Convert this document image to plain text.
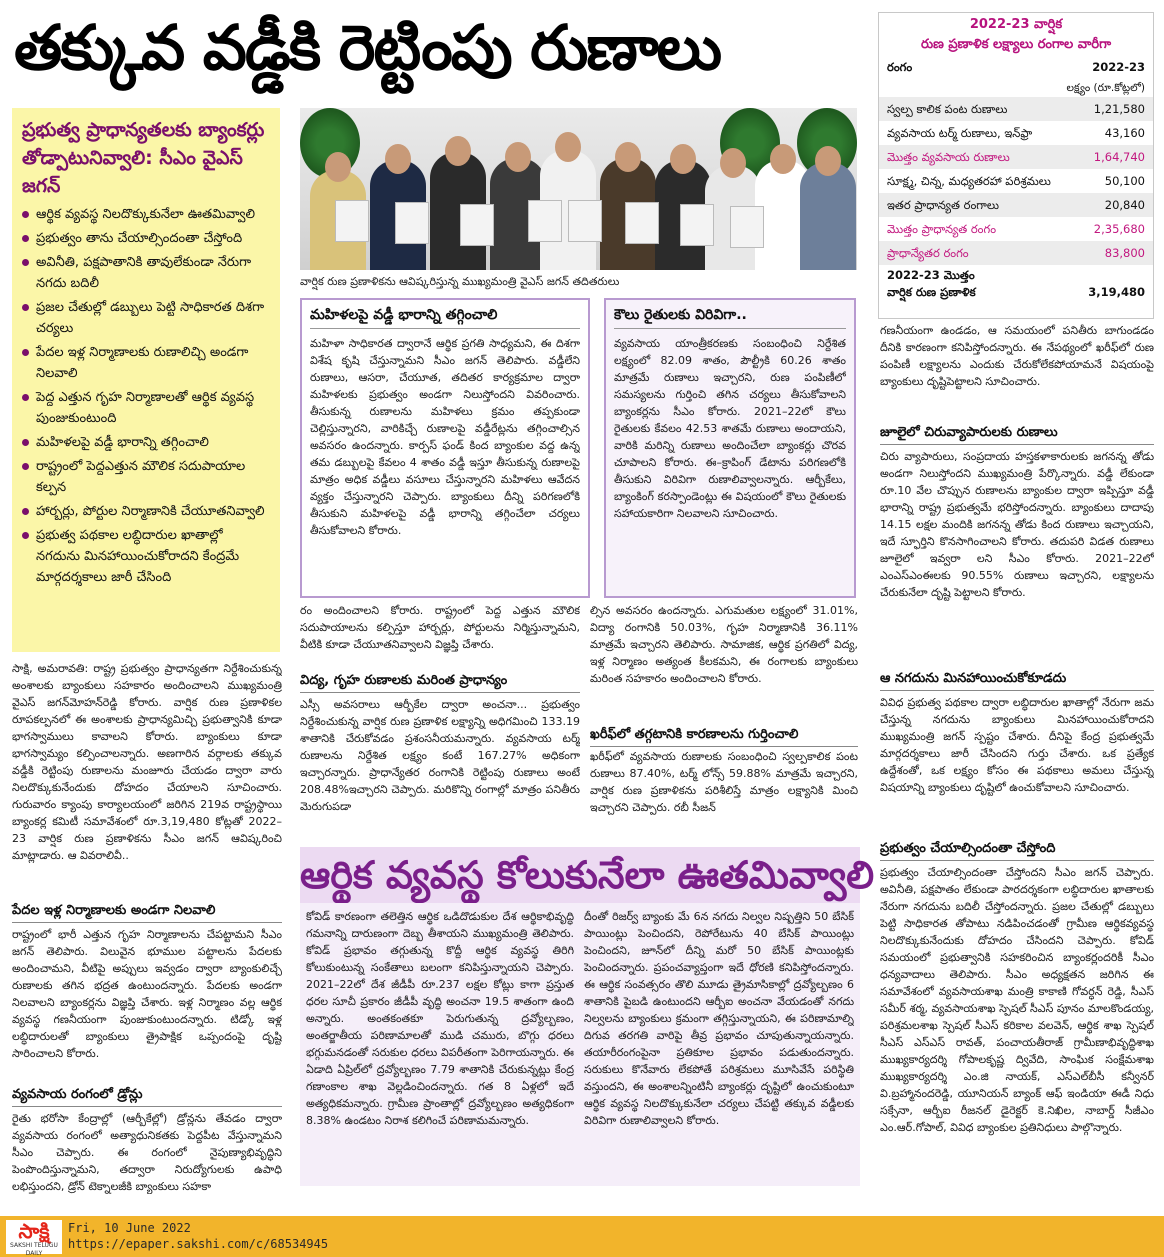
తక్కువ వడ్డీకి రెట్టింపు రుణాలు	2022-23 వార్షిక
రుణ ప్రణాళిక లక్ష్యాలు రంగాల వారీగా
రంగం	2022-23
లక్ష్యం (రూ.కోట్లలో)
స్వల్ప కాలిక పంట రుణాలు	1,21,580
వ్యవసాయ టర్మ్‌ రుణాలు, ఇన్‌ఫ్రా	43,160
మొత్తం వ్యవసాయ రుణాలు	1,64,740
సూక్ష్మ, చిన్న, మధ్యతరహా పరిశ్రమలు	50,100
ఇతర ప్రాధాన్యత రంగాలు	20,840
మొత్తం ప్రాధాన్యత రంగం	2,35,680
ప్రాధాన్యేతర రంగం	83,800
2022-23 మొత్తం
వార్షిక రుణ ప్రణాళిక	3,19,480
ప్రభుత్వ ప్రాధాన్యతలకు బ్యాంకర్లు తోడ్పాటునివ్వాలి: సీఎం వైఎస్‌ జగన్‌
ఆర్థిక వ్యవస్థ నిలదొక్కుకునేలా ఊతమివ్వాలి
ప్రభుత్వం తాను చేయాల్సిందంతా చేస్తోంది
అవినీతి, పక్షపాతానికి తావులేకుండా నేరుగా నగదు బదిలీ
ప్రజల చేతుల్లో డబ్బులు పెట్టి సాధికారత దిశగా చర్యలు
పేదల ఇళ్ల నిర్మాణాలకు రుణాలిచ్చి అండగా నిలవాలి
పెద్ద ఎత్తున గృహ నిర్మాణాలతో ఆర్థిక వ్యవస్థ పుంజుకుంటుంది
మహిళలపై వడ్డీ భారాన్ని తగ్గించాలి
రాష్ట్రంలో పెద్దఎత్తున మౌలిక సదుపాయాల కల్పన
హార్బర్లు, పోర్టుల నిర్మాణానికి చేయూతనివ్వాలి
ప్రభుత్వ పథకాల లబ్ధిదారుల ఖాతాల్లో నగదును మినహాయించుకోరాదని కేంద్రమే మార్గదర్శకాలు జారీ చేసింది
వార్షిక రుణ ప్రణాళికను ఆవిష్కరిస్తున్న ముఖ్యమంత్రి వైఎస్‌ జగన్‌ తదితరులు
మహిళలపై వడ్డీ భారాన్ని తగ్గించాలి
మహిళా సాధికారత ద్వారానే ఆర్థిక ప్రగతి సాధ్యమని, ఈ దిశగా విశేష కృషి చేస్తున్నామని సీఎం జగన్‌ తెలిపారు. వడ్డీలేని రుణాలు, ఆసరా, చేయూత, తదితర కార్యక్రమాల ద్వారా మహిళలకు ప్రభుత్వం అండగా నిలుస్తోందని వివరించారు. తీసుకున్న రుణాలను మహిళలు క్రమం తప్పకుండా చెల్లిస్తున్నారని, వారికిచ్చే రుణాలపై వడ్డీరేట్లను తగ్గించాల్సిన అవసరం ఉందన్నారు. కార్పస్‌ ఫండ్‌ కింద బ్యాంకుల వద్ద ఉన్న తమ డబ్బులపై కేవలం 4 శాతం వడ్డీ ఇస్తూ తీసుకున్న రుణాలపై మాత్రం అధిక వడ్డీలు వసూలు చేస్తున్నారని మహిళలు ఆవేదన వ్యక్తం చేస్తున్నారని చెప్పారు. బ్యాంకులు దీన్ని పరిగణలోకి తీసుకుని మహిళలపై వడ్డీ భారాన్ని తగ్గించేలా చర్యలు తీసుకోవాలని కోరారు.
కౌలు రైతులకు విరివిగా..
వ్యవసాయ యాంత్రీకరణకు సంబంధించి నిర్దేశిత లక్ష్యంలో 82.09 శాతం, పౌల్ట్రీకి 60.26 శాతం మాత్రమే రుణాలు ఇచ్చారని, రుణ పంపిణీలో సమస్యలను గుర్తించి తగిన చర్యలు తీసుకోవాలని బ్యాంకర్లను సీఎం కోరారు. 2021–22లో కౌలు రైతులకు కేవలం 42.53 శాతమే రుణాలు అందాయని, వారికి మరిన్ని రుణాలు అందించేలా బ్యాంకర్లు చొరవ చూపాలని కోరారు. ఈ–క్రాపింగ్‌ డేటాను పరిగణలోకి తీసుకుని విరివిగా రుణాలివ్వాలన్నారు. ఆర్బీకేలు, బ్యాంకింగ్‌ కరస్పాండెంట్లు ఈ విషయంలో కౌలు రైతులకు సహాయకారిగా నిలవాలని సూచించారు.
రం అందించాలని కోరారు. రాష్ట్రంలో పెద్ద ఎత్తున మౌలిక సదుపాయాలను కల్పిస్తూ హార్బర్లు, పోర్టులను నిర్మిస్తున్నామని, వీటికి కూడా చేయూతనివ్వాలని విజ్ఞప్తి చేశారు.
ల్సిన అవసరం ఉందన్నారు. ఎగుమతుల లక్ష్యంలో 31.01%, విద్యా రంగానికి 50.03%, గృహ నిర్మాణానికి 36.11% మాత్రమే ఇచ్చారని తెలిపారు. సామాజిక, ఆర్థిక ప్రగతిలో విద్య, ఇళ్ల నిర్మాణం అత్యంత కీలకమని, ఈ రంగాలకు బ్యాంకులు మరింత సహకారం అందించాలని కోరారు.
విద్య, గృహ రుణాలకు మరింత ప్రాధాన్యం
ఎస్సీ అవసరాలు ఆర్బీకేల ద్వారా అంచనా... ప్రభుత్వం నిర్దేశించుకున్న వార్షిక రుణ ప్రణాళిక లక్ష్యాన్ని అధిగమించి 133.19 శాతానికి చేరుకోవడం ప్రశంసనీయమన్నారు. వ్యవసాయ టర్మ్‌ రుణాలను నిర్దేశిత లక్ష్యం కంటే 167.27% అధికంగా ఇచ్చారన్నారు. ప్రాధాన్యేతర రంగానికి రెట్టింపు రుణాలు అంటే 208.48%ఇచ్చారని చెప్పారు. మరికొన్ని రంగాల్లో మాత్రం పనితీరు మెరుగుపడా
ఖరీఫ్‌లో తగ్గటానికి కారణాలను గుర్తించాలి
ఖరీఫ్‌లో వ్యవసాయ రుణాలకు సంబంధించి స్వల్పకాలిక పంట రుణాలు 87.40%, టర్మ్‌ లోన్స్‌ 59.88% మాత్రమే ఇచ్చారని, వార్షిక రుణ ప్రణాళికను పరిశీలిస్తే మాత్రం లక్ష్యానికి మించి ఇచ్చారని చెప్పారు. రబీ సీజన్‌
ఆర్థిక వ్యవస్థ కోలుకునేలా ఊతమివ్వాలి
కోవిడ్‌ కారణంగా తలెత్తిన ఆర్థిక ఒడిదొడుకుల దేశ ఆర్థికాభివృద్ధి గమనాన్ని దారుణంగా దెబ్బ తీశాయని ముఖ్యమంత్రి తెలిపారు. కోవిడ్‌ ప్రభావం తగ్గుతున్న కొద్దీ ఆర్థిక వ్యవస్థ తిరిగి కోలుకుంటున్న సంకేతాలు బలంగా కనిపిస్తున్నాయని చెప్పారు. 2021–22లో దేశ జీడీపీ రూ.237 లక్షల కోట్లు కాగా ప్రస్తుత ధరల సూచీ ప్రకారం జీడీపీ వృద్ధి అంచనా 19.5 శాతంగా ఉంది అన్నారు. అంతకంతకూ పెరుగుతున్న ద్రవ్యోల్బణం, అంతర్జాతీయ పరిణామాలతో ముడి చమురు, బొగ్గు ధరలు భగ్గుమనడంతో సరుకుల ధరలు విపరీతంగా పెరిగాయన్నారు. ఈ ఏడాది ఏప్రిల్‌లో ద్రవ్యోల్బణం 7.79 శాతానికి చేరుకున్నట్లు కేంద్ర గణాంకాల శాఖ వెల్లడించిందన్నారు. గత 8 ఏళ్లలో ఇదే అత్యధికమన్నారు. గ్రామీణ ప్రాంతాల్లో ద్రవ్యోల్బణం అత్యధికంగా 8.38% ఉండటం నిరాశ కలిగించే పరిణామమన్నారు.
దీంతో రిజర్వ్‌ బ్యాంకు మే 6న నగదు నిల్వల నిష్పత్తిని 50 బేసిక్‌ పాయింట్లు పెంచిందని, రెపోరేటును 40 బేసిక్‌ పాయింట్లు పెంచిందని, జూన్‌లో దీన్ని మరో 50 బేసిక్‌ పాయింట్లకు పెంచిందన్నారు. ప్రపంచవ్యాప్తంగా ఇదే ధోరణి కనిపిస్తోందన్నారు. ఈ ఆర్థిక సంవత్సరం తొలి మూడు త్రైమాసికాల్లో ద్రవ్యోల్బణం 6 శాతానికి పైబడి ఉంటుందని ఆర్బీఐ అంచనా వేయడంతో నగదు నిల్వలను బ్యాంకులు క్రమంగా తగ్గిస్తున్నాయని, ఈ పరిణామాల్ని దిగువ తరగతి వారిపై తీవ్ర ప్రభావం చూపుతున్నాయన్నారు. తయారీరంగంపైనా ప్రతికూల ప్రభావం పడుతుందన్నారు. సరుకులు కొనేవారు లేకపోతే పరిశ్రమలు మూసివేసే పరిస్థితి వస్తుందని, ఈ అంశాలన్నింటినీ బ్యాంకర్లు దృష్టిలో ఉంచుకుంటూ ఆర్థిక వ్యవస్థ నిలదొక్కుకునేలా చర్యలు చేపట్టి తక్కువ వడ్డీలకు విరివిగా రుణాలివ్వాలని కోరారు.
సాక్షి, అమరావతి: రాష్ట్ర ప్రభుత్వం ప్రాధాన్యతగా నిర్దేశించుకున్న అంశాలకు బ్యాంకులు సహకారం అందించాలని ముఖ్యమంత్రి వైఎస్‌ జగన్‌మోహన్‌రెడ్డి కోరారు. వార్షిక రుణ ప్రణాళికల రూపకల్పనలో ఈ అంశాలకు ప్రాధాన్యమిచ్చి ప్రభుత్వానికి కూడా భాగస్వాములు కావాలని కోరారు. బ్యాంకులు కూడా భాగస్వామ్యం కల్పించాలన్నారు. అణగారిన వర్గాలకు తక్కువ వడ్డీకి రెట్టింపు రుణాలను మంజూరు చేయడం ద్వారా వారు నిలదొక్కుకునేందుకు దోహదం చేయాలని సూచించారు. గురువారం క్యాంపు కార్యాలయంలో జరిగిన 219వ రాష్ట్రస్థాయి బ్యాంకర్ల కమిటీ సమావేశంలో రూ.3,19,480 కోట్లతో 2022–23 వార్షిక రుణ ప్రణాళికను సీఎం జగన్‌ ఆవిష్కరించి మాట్లాడారు. ఆ వివరాలివీ..
పేదల ఇళ్ల నిర్మాణాలకు అండగా నిలవాలి
రాష్ట్రంలో భారీ ఎత్తున గృహ నిర్మాణాలను చేపట్టామని సీఎం జగన్‌ తెలిపారు. విలువైన భూముల పట్టాలను పేదలకు అందించామని, వీటిపై అప్పులు ఇవ్వడం ద్వారా బ్యాంకులిచ్చే రుణాలకు తగిన భద్రత ఉంటుందన్నారు. పేదలకు అండగా నిలవాలని బ్యాంకర్లను విజ్ఞప్తి చేశారు. ఇళ్ల నిర్మాణం వల్ల ఆర్థిక వ్యవస్థ గణనీయంగా పుంజుకుంటుందన్నారు. టిడ్కో ఇళ్ల లబ్ధిదారులతో బ్యాంకులు త్రైపాక్షిక ఒప్పందంపై దృష్టి సారించాలని కోరారు.
వ్యవసాయ రంగంలో డ్రోన్లు
రైతు భరోసా కేంద్రాల్లో (ఆర్బీకేల్లో) డ్రోన్లను తేవడం ద్వారా వ్యవసాయ రంగంలో అత్యాధునికతకు పెద్దపీట వేస్తున్నామని సీఎం చెప్పారు. ఈ రంగంలో నైపుణ్యాభివృద్ధిని పెంపొందిస్తున్నామని, తద్వారా నిరుద్యోగులకు ఉపాధి లభిస్తుందని, డ్రోన్‌ టెక్నాలజీకి బ్యాంకులు సహకా
గణనీయంగా ఉండడం, ఆ సమయంలో పనితీరు బాగుండడం దీనికి కారణంగా కనిపిస్తోందన్నారు. ఈ నేపథ్యంలో ఖరీఫ్‌లో రుణ పంపిణీ లక్ష్యాలను ఎందుకు చేరుకోలేకపోయామనే విషయంపై బ్యాంకులు దృష్టిపెట్టాలని సూచించారు.
జూలైలో చిరువ్యాపారులకు రుణాలు
చిరు వ్యాపారులు, సంప్రదాయ హస్తకళాకారులకు జగనన్న తోడు అండగా నిలుస్తోందని ముఖ్యమంత్రి పేర్కొన్నారు. వడ్డీ లేకుండా రూ.10 వేల చొప్పున రుణాలను బ్యాంకుల ద్వారా ఇప్పిస్తూ వడ్డీ భారాన్ని రాష్ట్ర ప్రభుత్వమే భరిస్తోందన్నారు. బ్యాంకులు దాదాపు 14.15 లక్షల మందికి జగనన్న తోడు కింద రుణాలు ఇచ్చాయని, ఇదే స్ఫూర్తిని కొనసాగించాలని కోరారు. తదుపరి విడత రుణాలు జూలైలో ఇవ్వరా లని సీఎం కోరారు. 2021–22లో ఎంఎస్‌ఎంఈలకు 90.55% రుణాలు ఇచ్చారని, లక్ష్యాలను చేరుకునేలా దృష్టి పెట్టాలని కోరారు.
ఆ నగదును మినహాయించుకోకూడదు
వివిధ ప్రభుత్వ పథకాల ద్వారా లబ్ధిదారుల ఖాతాల్లో నేరుగా జమ చేస్తున్న నగదును బ్యాంకులు మినహాయించుకోరాదని ముఖ్యమంత్రి జగన్‌ స్పష్టం చేశారు. దీనిపై కేంద్ర ప్రభుత్వమే మార్గదర్శకాలు జారీ చేసిందని గుర్తు చేశారు. ఒక ప్రత్యేక ఉద్దేశంతో, ఒక లక్ష్యం కోసం ఈ పథకాలు అమలు చేస్తున్న విషయాన్ని బ్యాంకులు దృష్టిలో ఉంచుకోవాలని సూచించారు.
ప్రభుత్వం చేయాల్సిందంతా చేస్తోంది
ప్రభుత్వం చేయాల్సిందంతా చేస్తోందని సీఎం జగన్‌ చెప్పారు. అవినీతి, పక్షపాతం లేకుండా పారదర్శకంగా లబ్ధిదారుల ఖాతాలకు నేరుగా నగదును బదిలీ చేస్తోందన్నారు. ప్రజల చేతుల్లో డబ్బులు పెట్టి సాధికారత తోపాటు నడిపించడంతో గ్రామీణ ఆర్థికవ్యవస్థ నిలదొక్కుకునేందుకు దోహదం చేసిందని చెప్పారు. కోవిడ్‌ సమయంలో ప్రభుత్వానికి సహకరించిన బ్యాంకర్లందరికీ సీఎం ధన్యవాదాలు తెలిపారు. సీఎం అధ్యక్షతన జరిగిన ఈ సమావేశంలో వ్యవసాయశాఖ మంత్రి కాకాణి గోవర్ధన్‌ రెడ్డి, సీఎస్‌ సమీర్‌ శర్మ, వ్యవసాయశాఖ స్పెషల్‌ సీఎస్‌ పూనం మాలకొండయ్య, పరిశ్రమలశాఖ స్పెషల్‌ సీఎస్‌ కరికాల వలవెన్‌, ఆర్థిక శాఖ స్పెషల్‌ సీఎస్‌ ఎస్‌ఎస్‌ రావత్‌, పంచాయతీరాజ్‌ గ్రామీణాభివృద్ధిశాఖ ముఖ్యకార్యదర్శి గోపాలకృష్ణ ద్వివేది, సాంఘిక సంక్షేమశాఖ ముఖ్యకార్యదర్శి ఎం.జి నాయక్‌, ఎస్‌ఎల్‌బీసీ కన్వీనర్‌ వి.బ్రహ్మానందరెడ్డి, యూనియన్‌ బ్యాంక్‌ ఆఫ్‌ ఇండియా ఈడీ నిధు సక్సేనా, ఆర్బీఐ రీజనల్‌ డైరెక్టర్‌ కె.నిఖిల, నాబార్డ్‌ సీజీఎం ఎం.ఆర్‌.గోపాల్‌, వివిధ బ్యాంకుల ప్రతినిధులు పాల్గొన్నారు.
సాక్షి
SAKSHI TELUGU DAILY
Fri, 10 June 2022
https://epaper.sakshi.com/c/68534945
